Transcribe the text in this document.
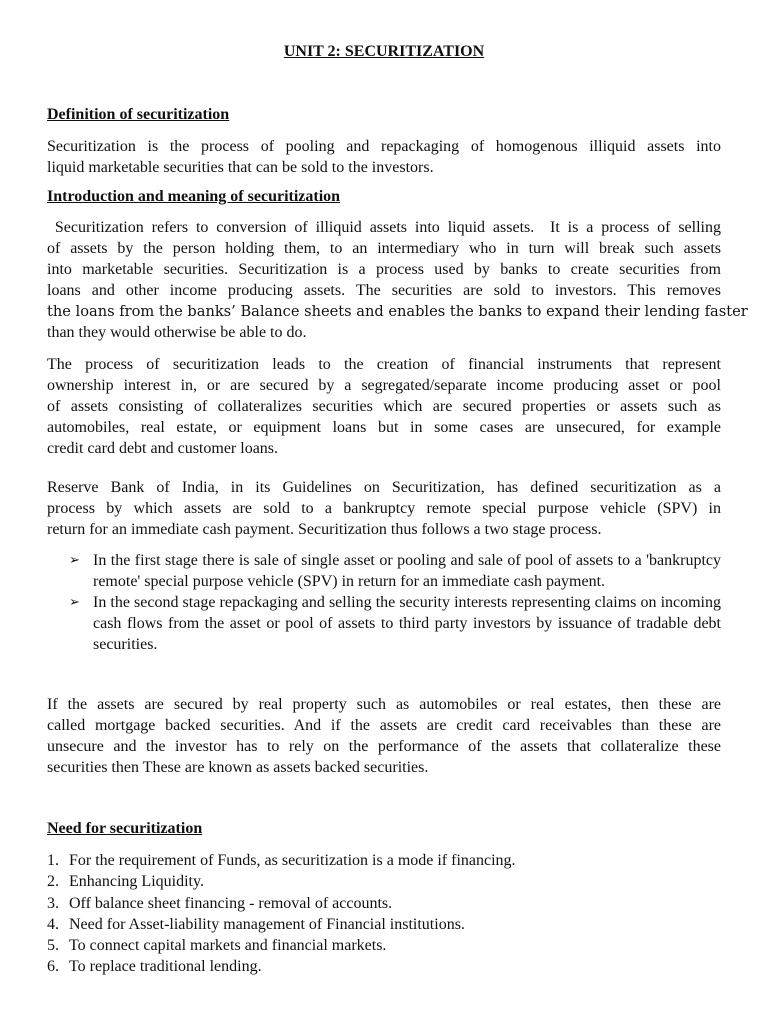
UNIT 2: SECURITIZATION
Definition of securitization

Securitization is the process of pooling and repackaging of homogenous illiquid assets into
liquid marketable securities that can be sold to the investors.

Introduction and meaning of securitization

Securitization refers to conversion of illiquid assets into liquid assets.  It is a process of selling
of assets by the person holding them, to an intermediary who in turn will break such assets
into marketable securities. Securitization is a process used by banks to create securities from
loans and other income producing assets. The securities are sold to investors. This removes
the loans from the banks’ Balance sheets and enables the banks to expand their lending faster
than they would otherwise be able to do.

The process of securitization leads to the creation of financial instruments that represent
ownership interest in, or are secured by a segregated/separate income producing asset or pool
of assets consisting of collateralizes securities which are secured properties or assets such as
automobiles, real estate, or equipment loans but in some cases are unsecured, for example
credit card debt and customer loans.

Reserve Bank of India, in its Guidelines on Securitization, has defined securitization as a
process by which assets are sold to a bankruptcy remote special purpose vehicle (SPV) in
return for an immediate cash payment. Securitization thus follows a two stage process.

➢ In the first stage there is sale of single asset or pooling and sale of pool of assets to a 'bankruptcy remote' special purpose vehicle (SPV) in return for an immediate cash payment.
➢ In the second stage repackaging and selling the security interests representing claims on incoming cash flows from the asset or pool of assets to third party investors by issuance of tradable debt securities.

If the assets are secured by real property such as automobiles or real estates, then these are
called mortgage backed securities. And if the assets are credit card receivables than these are
unsecure and the investor has to rely on the performance of the assets that collateralize these
securities then These are known as assets backed securities.

Need for securitization
1. For the requirement of Funds, as securitization is a mode if financing.
2. Enhancing Liquidity.
3. Off balance sheet financing - removal of accounts.
4. Need for Asset-liability management of Financial institutions.
5. To connect capital markets and financial markets.
6. To replace traditional lending.
